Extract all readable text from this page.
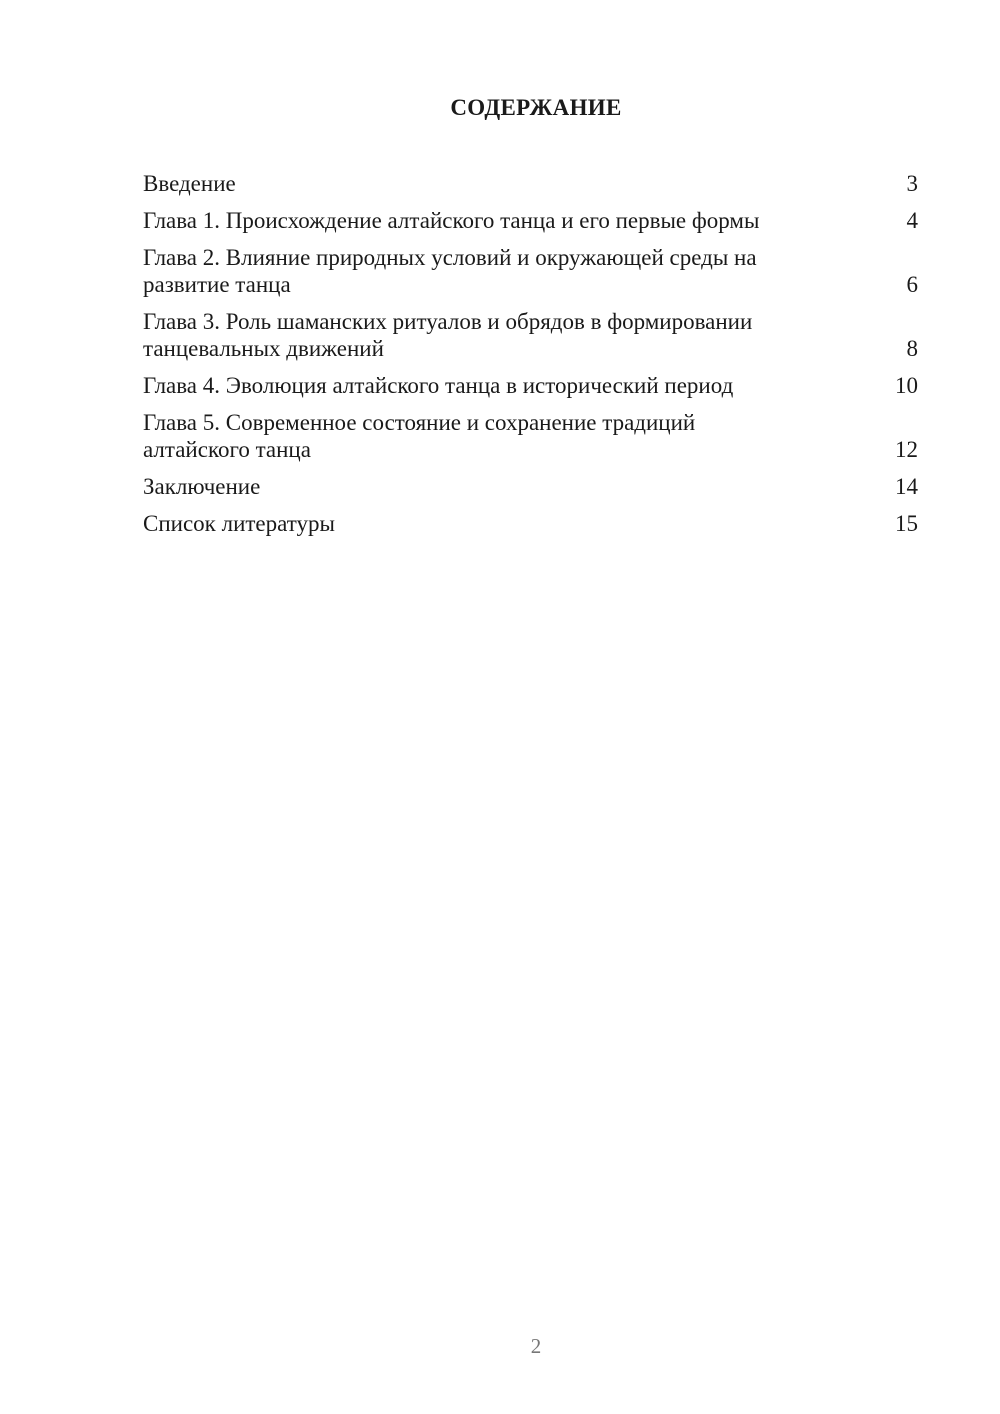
СОДЕРЖАНИЕ
Введение	3
Глава 1. Происхождение алтайского танца и его первые формы	4
Глава 2. Влияние природных условий и окружающей среды на
развитие танца	6
Глава 3. Роль шаманских ритуалов и обрядов в формировании
танцевальных движений	8
Глава 4. Эволюция алтайского танца в исторический период	10
Глава 5. Современное состояние и сохранение традиций
алтайского танца	12
Заключение	14
Список литературы	15

2
